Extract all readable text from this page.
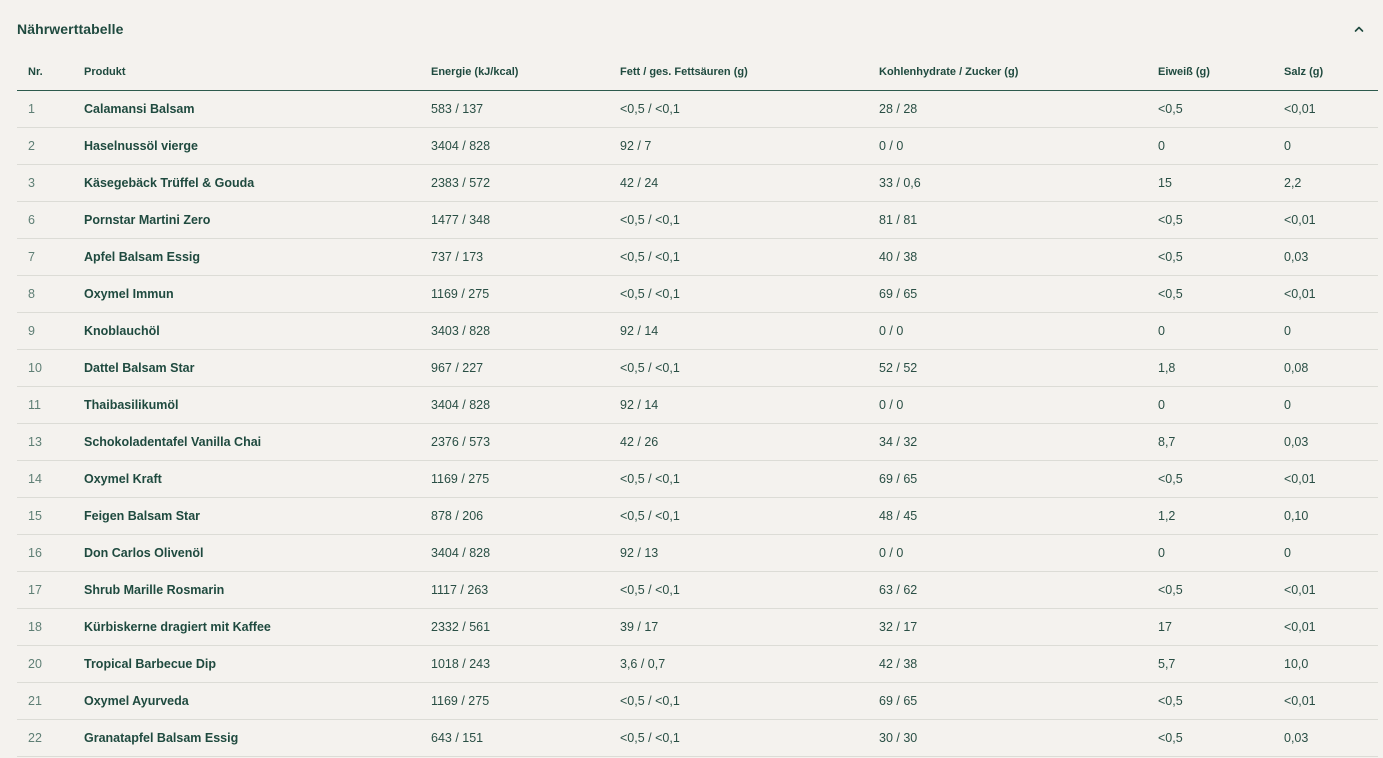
Nährwerttabelle
Nr.	Produkt	Energie (kJ/kcal)	Fett / ges. Fettsäuren (g)	Kohlenhydrate / Zucker (g)	Eiweiß (g)	Salz (g)
1	Calamansi Balsam	583 / 137	<0,5 / <0,1	28 / 28	<0,5	<0,01
2	Haselnussöl vierge	3404 / 828	92 / 7	0 / 0	0	0
3	Käsegebäck Trüffel & Gouda	2383 / 572	42 / 24	33 / 0,6	15	2,2
6	Pornstar Martini Zero	1477 / 348	<0,5 / <0,1	81 / 81	<0,5	<0,01
7	Apfel Balsam Essig	737 / 173	<0,5 / <0,1	40 / 38	<0,5	0,03
8	Oxymel Immun	1169 / 275	<0,5 / <0,1	69 / 65	<0,5	<0,01
9	Knoblauchöl	3403 / 828	92 / 14	0 / 0	0	0
10	Dattel Balsam Star	967 / 227	<0,5 / <0,1	52 / 52	1,8	0,08
11	Thaibasilikumöl	3404 / 828	92 / 14	0 / 0	0	0
13	Schokoladentafel Vanilla Chai	2376 / 573	42 / 26	34 / 32	8,7	0,03
14	Oxymel Kraft	1169 / 275	<0,5 / <0,1	69 / 65	<0,5	<0,01
15	Feigen Balsam Star	878 / 206	<0,5 / <0,1	48 / 45	1,2	0,10
16	Don Carlos Olivenöl	3404 / 828	92 / 13	0 / 0	0	0
17	Shrub Marille Rosmarin	1117 / 263	<0,5 / <0,1	63 / 62	<0,5	<0,01
18	Kürbiskerne dragiert mit Kaffee	2332 / 561	39 / 17	32 / 17	17	<0,01
20	Tropical Barbecue Dip	1018 / 243	3,6 / 0,7	42 / 38	5,7	10,0
21	Oxymel Ayurveda	1169 / 275	<0,5 / <0,1	69 / 65	<0,5	<0,01
22	Granatapfel Balsam Essig	643 / 151	<0,5 / <0,1	30 / 30	<0,5	0,03
